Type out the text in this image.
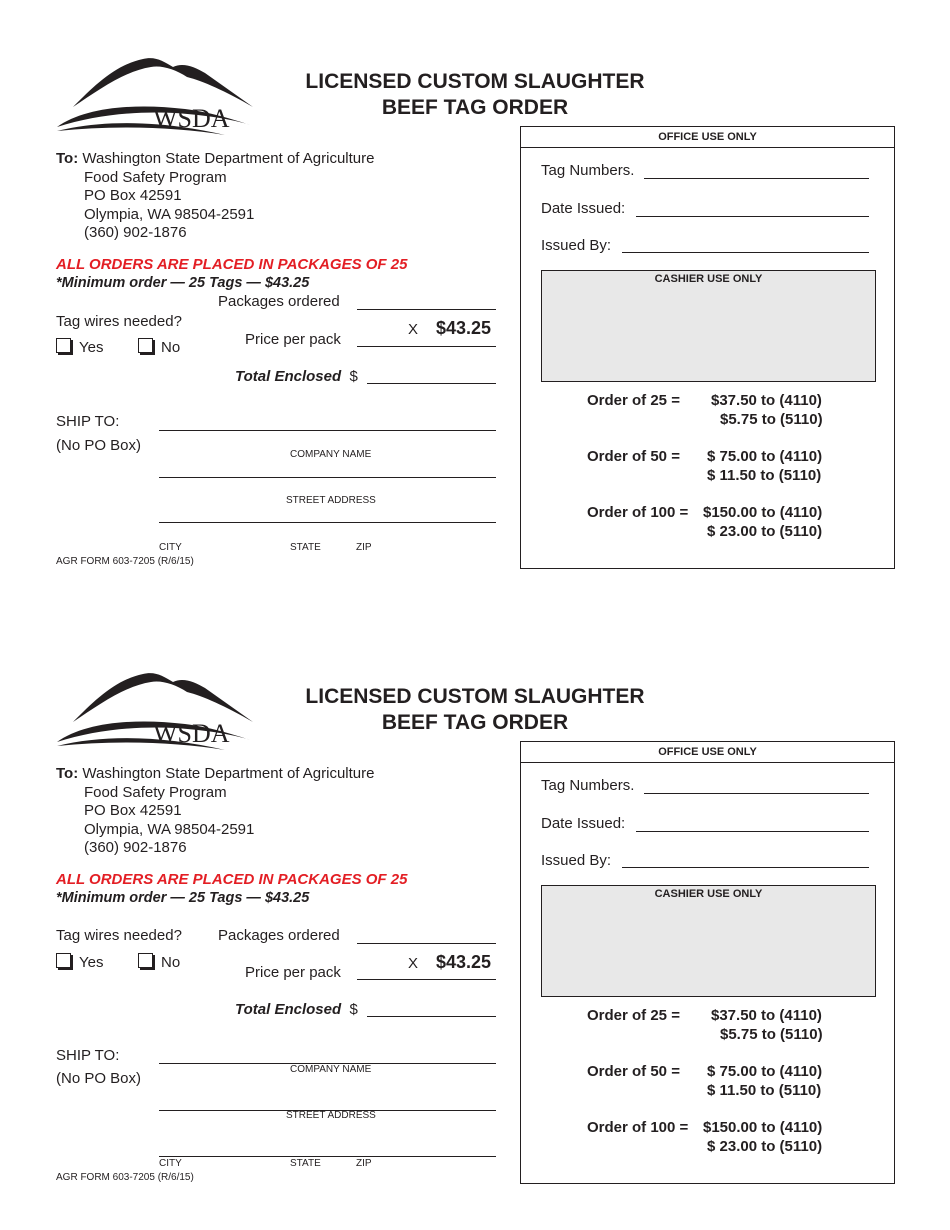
WSDA
LICENSED CUSTOM SLAUGHTER
BEEF TAG ORDER
To: Washington State Department of Agriculture
Food Safety Program
PO Box 42591
Olympia, WA 98504-2591
(360) 902-1876
ALL ORDERS ARE PLACED IN PACKAGES OF 25
*Minimum order — 25 Tags — $43.25
Packages ordered
Tag wires needed?
Yes	No	Price per pack
X $43.25
Total Enclosed $
SHIP TO:
(No PO Box)
COMPANY NAME
STREET ADDRESS
CITY	STATE	ZIP
AGR FORM 603-7205 (R/6/15)
OFFICE USE ONLY
Tag Numbers.
Date Issued:
Issued By:
CASHIER USE ONLY
Order of 25 = $37.50 to (4110)
$5.75 to (5110)
Order of 50 = $ 75.00 to (4110)
$ 11.50 to (5110)
Order of 100 = $150.00 to (4110)
$ 23.00 to (5110)
WSDA
LICENSED CUSTOM SLAUGHTER
BEEF TAG ORDER
To: Washington State Department of Agriculture
Food Safety Program
PO Box 42591
Olympia, WA 98504-2591
(360) 902-1876
ALL ORDERS ARE PLACED IN PACKAGES OF 25
*Minimum order — 25 Tags — $43.25
Packages ordered
Tag wires needed?
Yes	No
Price per pack
X $43.25
Total Enclosed $
SHIP TO:
(No PO Box)
COMPANY NAME
STREET ADDRESS
CITY	STATE	ZIP
AGR FORM 603-7205 (R/6/15)
OFFICE USE ONLY
Tag Numbers.
Date Issued:
Issued By:
CASHIER USE ONLY
Order of 25 = $37.50 to (4110)
$5.75 to (5110)
Order of 50 = $ 75.00 to (4110)
$ 11.50 to (5110)
Order of 100 = $150.00 to (4110)
$ 23.00 to (5110)
